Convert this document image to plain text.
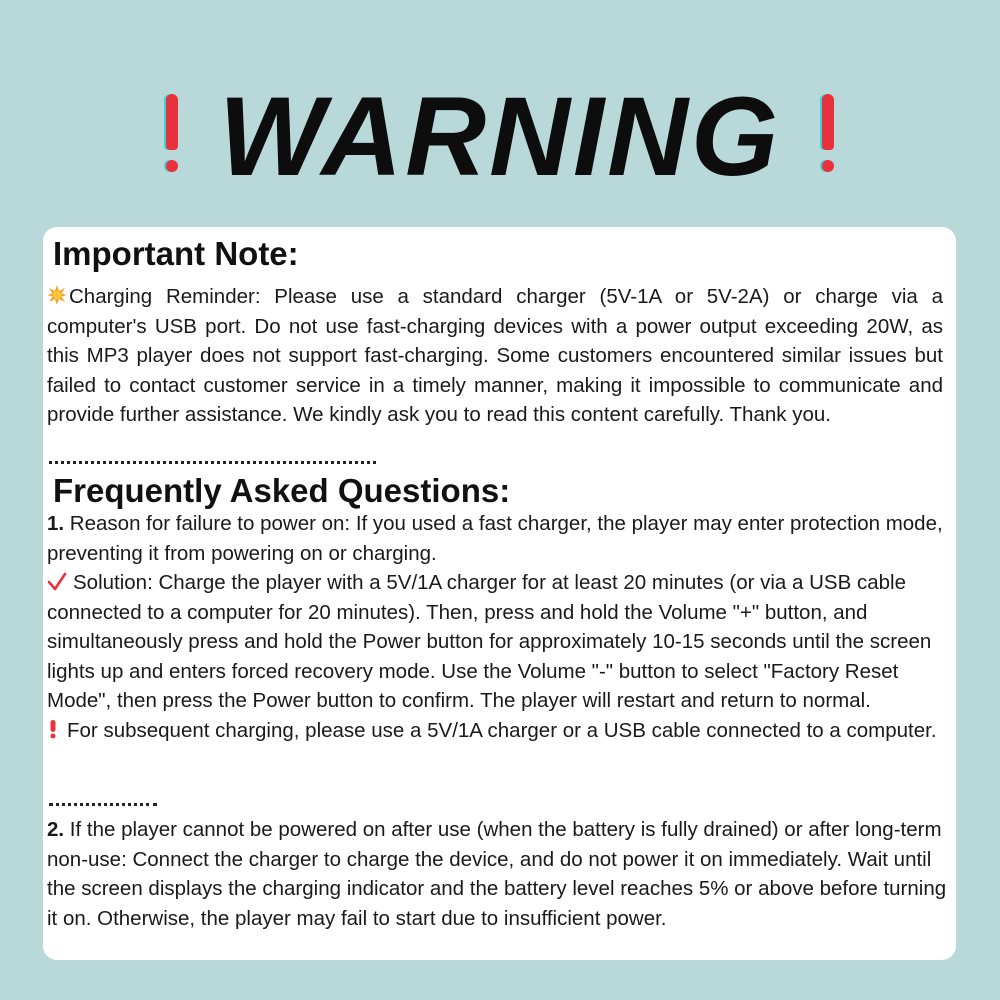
WARNING
Important Note:

Charging Reminder: Please use a standard charger (5V-1A or 5V-2A) or charge via a computer's USB port. Do not use fast-charging devices with a power output exceeding 20W, as this MP3 player does not support fast-charging. Some customers encountered similar issues but failed to contact customer service in a timely manner, making it impossible to communicate and provide further assistance. We kindly ask you to read this content carefully. Thank you.

Frequently Asked Questions:

1. Reason for failure to power on: If you used a fast charger, the player may enter protection mode, preventing it from powering on or charging.

Solution: Charge the player with a 5V/1A charger for at least 20 minutes (or via a USB cable connected to a computer for 20 minutes). Then, press and hold the Volume "+" button, and simultaneously press and hold the Power button for approximately 10-15 seconds until the screen lights up and enters forced recovery mode. Use the Volume "-" button to select "Factory Reset Mode", then press the Power button to confirm. The player will restart and return to normal.

For subsequent charging, please use a 5V/1A charger or a USB cable connected to a computer.

2. If the player cannot be powered on after use (when the battery is fully drained) or after long-term non-use: Connect the charger to charge the device, and do not power it on immediately. Wait until the screen displays the charging indicator and the battery level reaches 5% or above before turning it on. Otherwise, the player may fail to start due to insufficient power.
